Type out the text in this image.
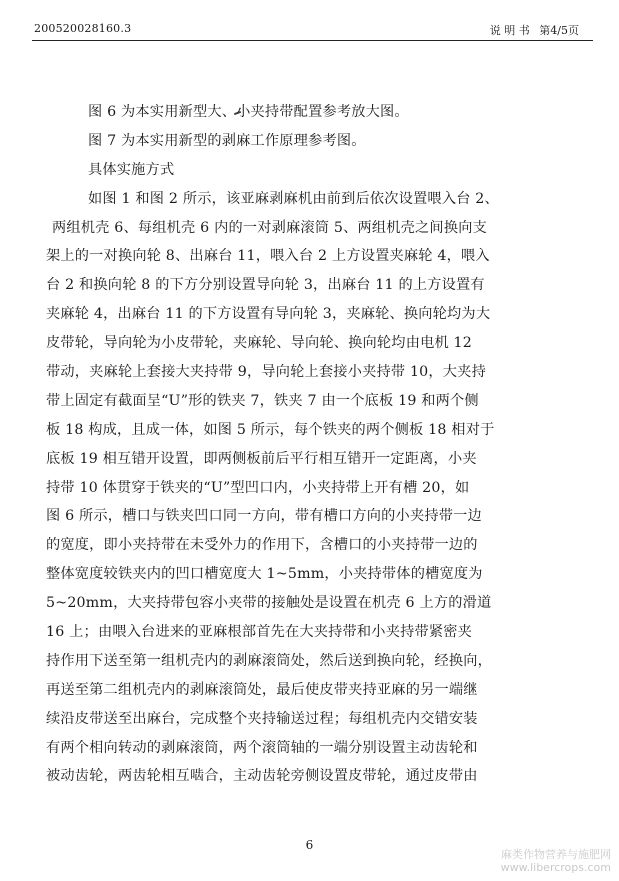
200520028160.3	说 明 书 第4/5页
图 6 为本实用新型大、小夹持带配置参考放大图。
图 7 为本实用新型的剥麻工作原理参考图。
具体实施方式
如图 1 和图 2 所示，该亚麻剥麻机由前到后依次设置喂入台 2、
两组机壳 6、每组机壳 6 内的一对剥麻滚筒 5、两组机壳之间换向支
架上的一对换向轮 8、出麻台 11，喂入台 2 上方设置夹麻轮 4，喂入
台 2 和换向轮 8 的下方分别设置导向轮 3，出麻台 11 的上方设置有
夹麻轮 4，出麻台 11 的下方设置有导向轮 3，夹麻轮、换向轮均为大
皮带轮，导向轮为小皮带轮，夹麻轮、导向轮、换向轮均由电机 12
带动，夹麻轮上套接大夹持带 9，导向轮上套接小夹持带 10，大夹持
带上固定有截面呈“U”形的铁夹 7，铁夹 7 由一个底板 19 和两个侧
板 18 构成，且成一体，如图 5 所示，每个铁夹的两个侧板 18 相对于
底板 19 相互错开设置，即两侧板前后平行相互错开一定距离，小夹
持带 10 体贯穿于铁夹的“U”型凹口内，小夹持带上开有槽 20，如
图 6 所示，槽口与铁夹凹口同一方向，带有槽口方向的小夹持带一边
的宽度，即小夹持带在未受外力的作用下，含槽口的小夹持带一边的
整体宽度较铁夹内的凹口槽宽度大 1~5mm，小夹持带体的槽宽度为
5~20mm，大夹持带包容小夹带的接触处是设置在机壳 6 上方的滑道
16 上；由喂入台进来的亚麻根部首先在大夹持带和小夹持带紧密夹
持作用下送至第一组机壳内的剥麻滚筒处，然后送到换向轮，经换向，
再送至第二组机壳内的剥麻滚筒处，最后使皮带夹持亚麻的另一端继
续沿皮带送至出麻台，完成整个夹持输送过程；每组机壳内交错安装
有两个相向转动的剥麻滚筒，两个滚筒轴的一端分别设置主动齿轮和
被动齿轮，两齿轮相互啮合，主动齿轮旁侧设置皮带轮，通过皮带由
6
麻类作物营养与施肥网
www.libercrops.com
